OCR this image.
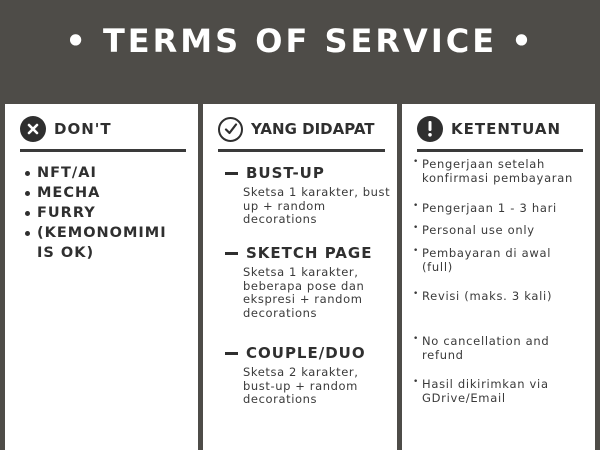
• TERMS OF SERVICE •
DON'T
NFT/AI
MECHA
FURRY
(KEMONOMIMI
IS OK)
YANG DIDAPAT
BUST-UP
Sketsa 1 karakter, bust up + random decorations
SKETCH PAGE
Sketsa 1 karakter, beberapa pose dan ekspresi + random decorations
COUPLE/DUO
Sketsa 2 karakter, bust-up + random decorations
KETENTUAN
• Pengerjaan setelah
konfirmasi pembayaran
• Pengerjaan 1 - 3 hari
• Personal use only
• Pembayaran di awal
(full)
• Revisi (maks. 3 kali)
• No cancellation and
refund
• Hasil dikirimkan via
GDrive/Email
